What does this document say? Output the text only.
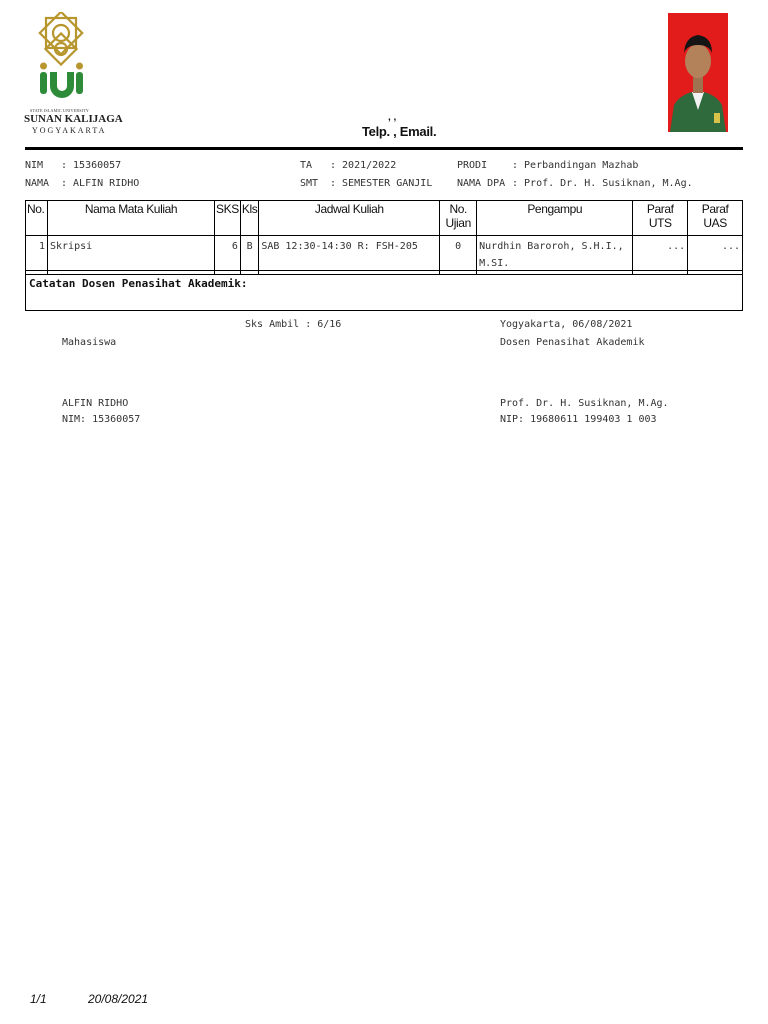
STATE ISLAMIC UNIVERSITY
SUNAN KALIJAGA
YOGYAKARTA
, ,
Telp. , Email.
NIM : 15360057
NAMA : ALFIN RIDHO
TA : 2021/2022
SMT : SEMESTER GANJIL
PRODI : Perbandingan Mazhab
NAMA DPA : Prof. Dr. H. Susiknan, M.Ag.
No.	Nama Mata Kuliah	SKS	Kls	Jadwal Kuliah	No. Ujian	Pengampu	Paraf UTS	Paraf UAS
1	Skripsi	6	B	SAB 12:30-14:30 R: FSH-205	0	Nurdhin Baroroh, S.H.I., M.SI.	...	...
Catatan Dosen Penasihat Akademik:
Sks Ambil : 6/16	Yogyakarta, 06/08/2021
Mahasiswa	Dosen Penasihat Akademik
ALFIN RIDHO	Prof. Dr. H. Susiknan, M.Ag.
NIM: 15360057	NIP: 19680611 199403 1 003
1/1	20/08/2021
